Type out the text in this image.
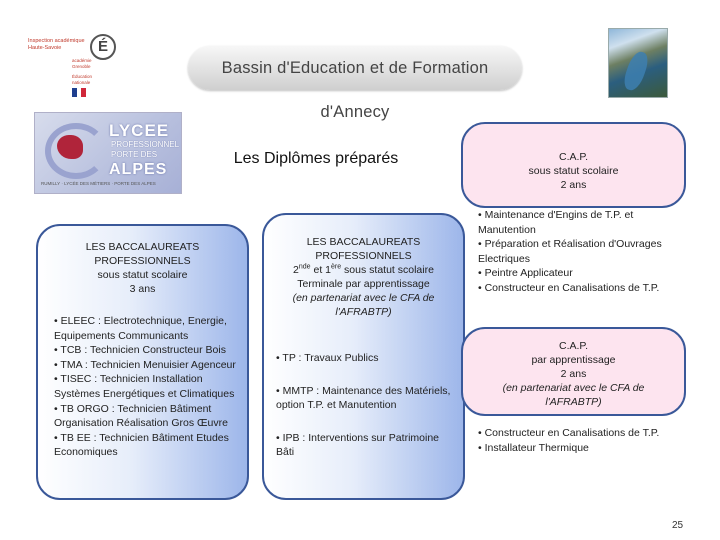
Inspection académique
Haute-Savoie	É
académie
Grenoble
Éducation
nationale
Bassin d'Education et de Formation d'Annecy
LYCEE
PROFESSIONNEL
PORTE DES
ALPES
RUMILLY · LYCÉE DES MÉTIERS · PORTE DES ALPES
Les Diplômes préparés
LES BACCALAUREATS
PROFESSIONNELS
sous statut scolaire
3 ans
• ELEEC : Electrotechnique, Energie, Equipements Communicants
• TCB : Technicien Constructeur Bois
• TMA : Technicien Menuisier Agenceur
• TISEC : Technicien Installation Systèmes Energétiques et Climatiques
• TB ORGO : Technicien Bâtiment Organisation Réalisation Gros Œuvre
• TB EE : Technicien Bâtiment Etudes Economiques
LES BACCALAUREATS
PROFESSIONNELS
2nde et 1ère sous statut scolaire
Terminale par apprentissage
(en partenariat avec le CFA de l'AFRABTP)

• TP : Travaux Publics

• MMTP : Maintenance des Matériels, option T.P. et Manutention

• IPB : Interventions sur Patrimoine Bâti

C.A.P.
sous statut scolaire
2 ans
• Maintenance d'Engins de T.P. et Manutention
• Préparation et Réalisation d'Ouvrages Electriques
• Peintre Applicateur
• Constructeur en Canalisations de T.P.
C.A.P.
par apprentissage
2 ans
(en partenariat avec le CFA de l'AFRABTP)
• Constructeur en Canalisations de T.P.
• Installateur Thermique
25
